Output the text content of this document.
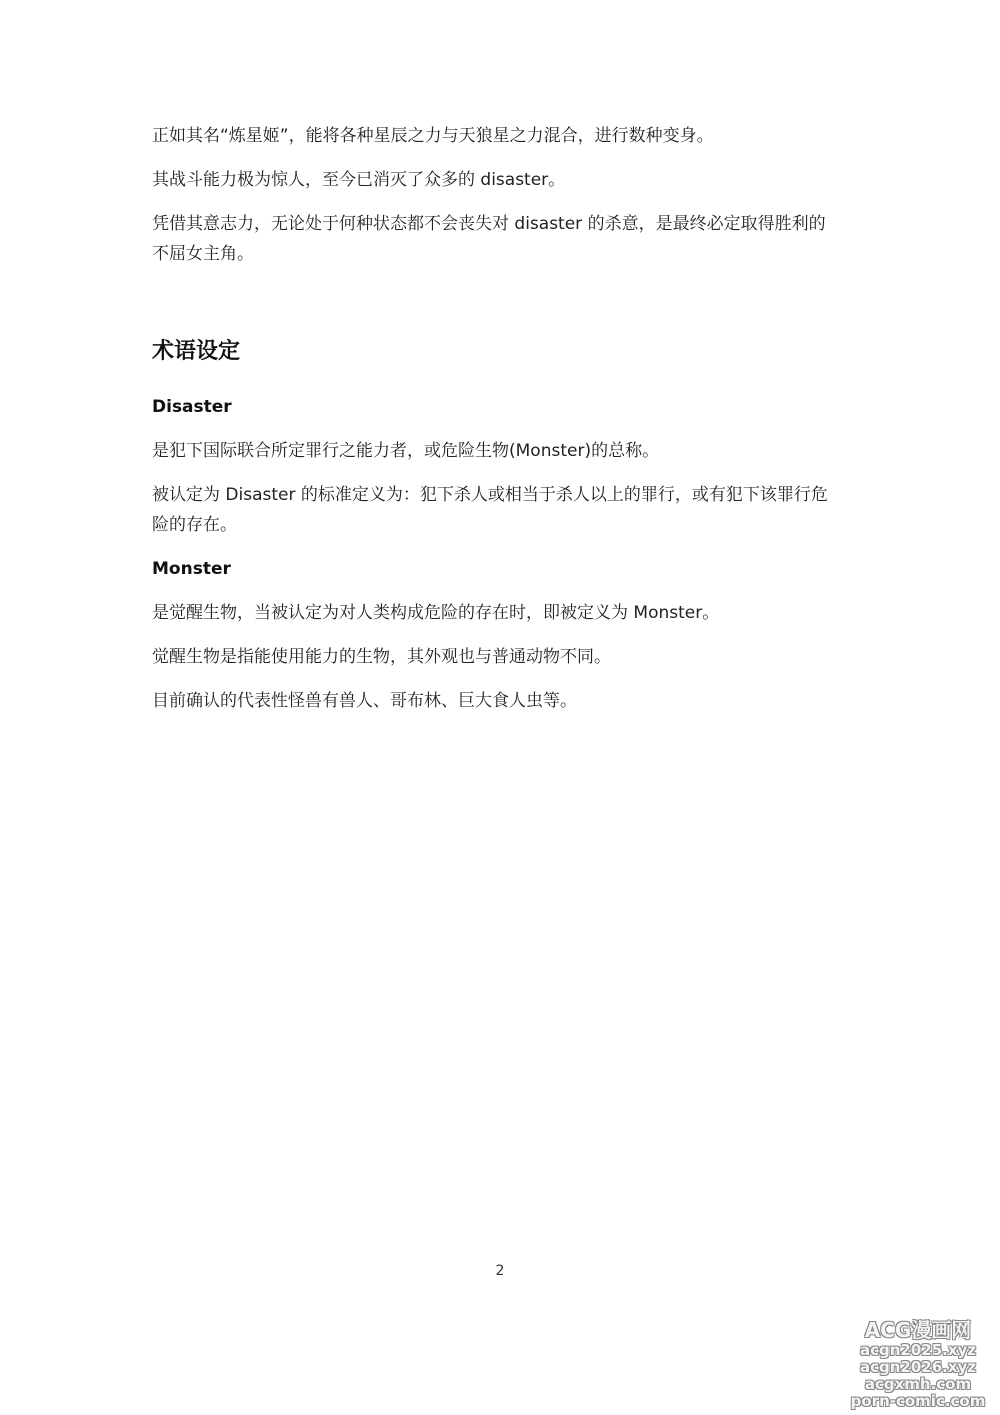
正如其名“炼星姬”，能将各种星辰之力与天狼星之力混合，进行数种变身。

其战斗能力极为惊人，至今已消灭了众多的 disaster。

凭借其意志力，无论处于何种状态都不会丧失对 disaster 的杀意，是最终必定取得胜利的不屈女主角。

术语设定
Disaster

是犯下国际联合所定罪行之能力者，或危险生物(Monster)的总称。

被认定为 Disaster 的标准定义为：犯下杀人或相当于杀人以上的罪行，或有犯下该罪行危险的存在。

Monster

是觉醒生物，当被认定为对人类构成危险的存在时，即被定义为 Monster。

觉醒生物是指能使用能力的生物，其外观也与普通动物不同。

目前确认的代表性怪兽有兽人、哥布林、巨大食人虫等。

2
ACG漫画网
acgn2025.xyz
acgn2026.xyz
acgxmh.com
porn-comic.com
